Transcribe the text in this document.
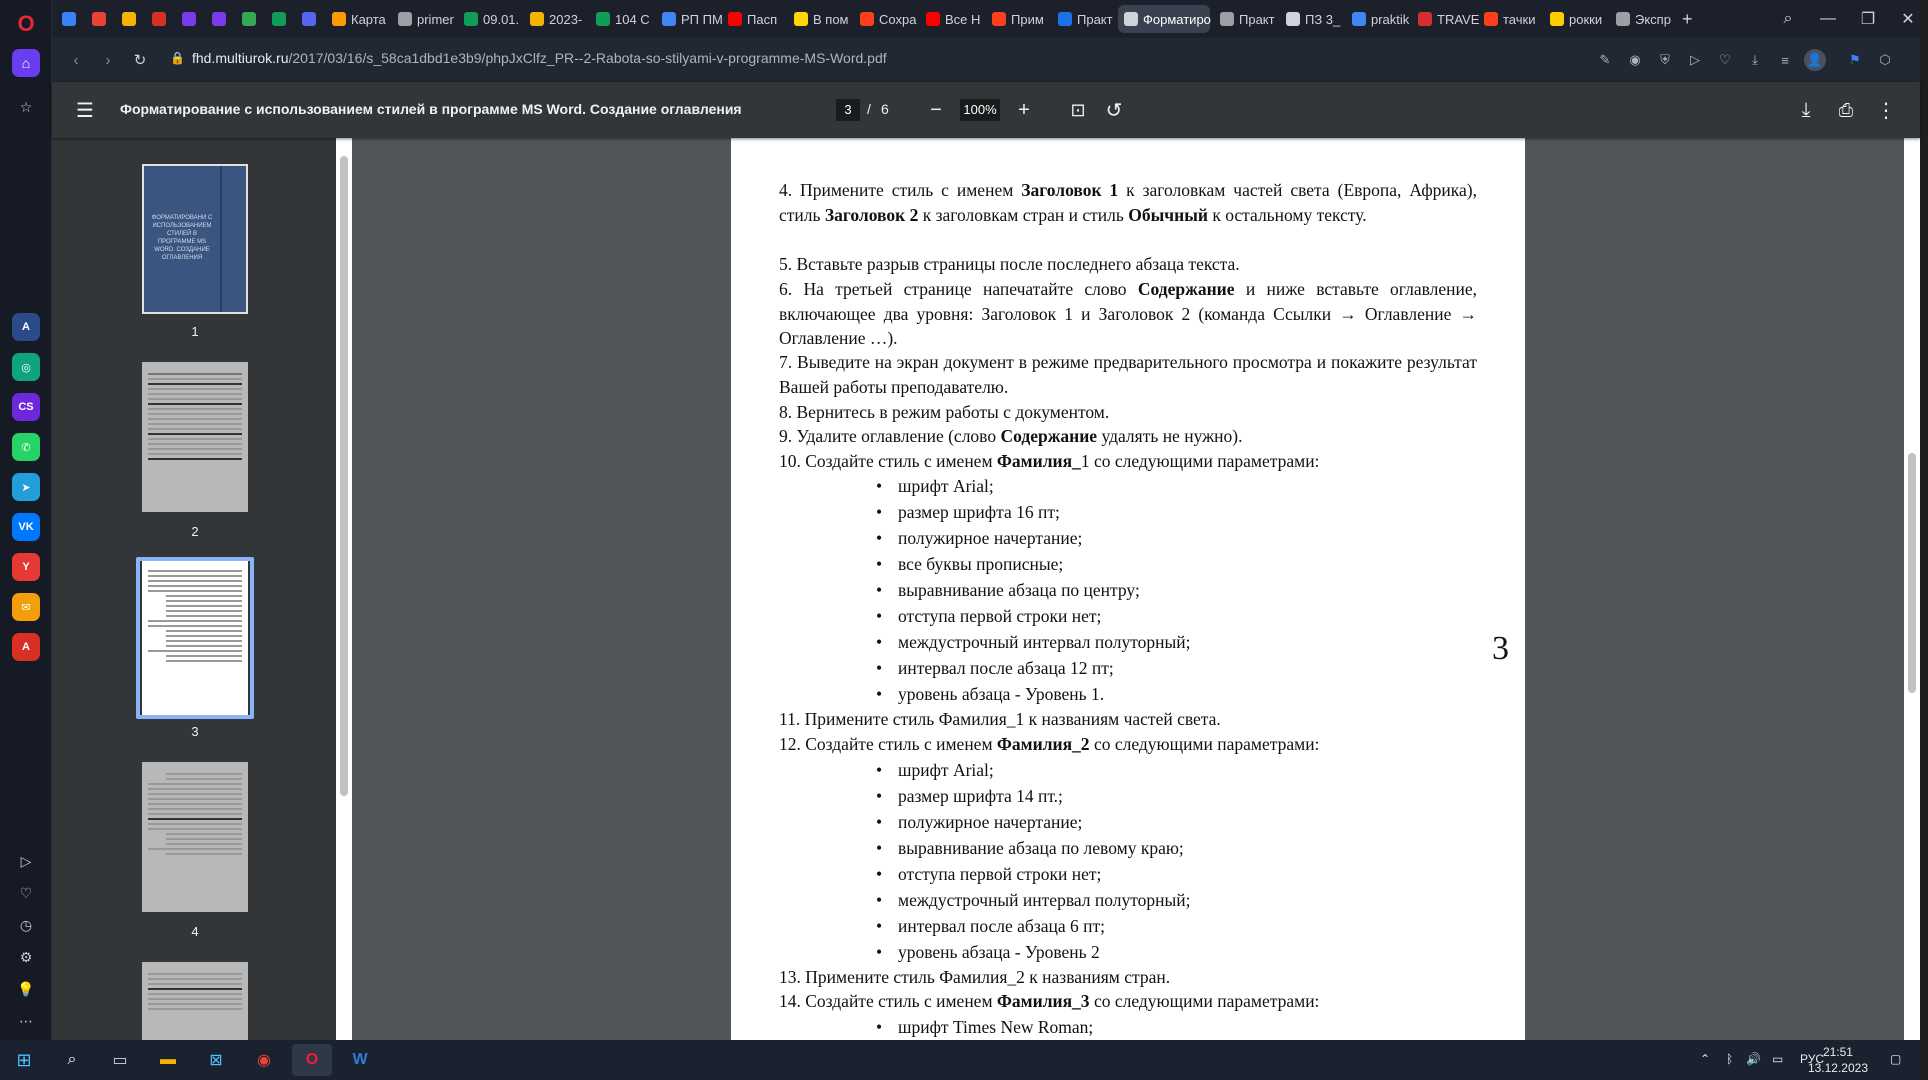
O
⌂
☆
A
◎
CS
✆
➤
VK
Y
✉
A
▷
♡
◷
⚙
💡
⋯
⌕	—	❐	✕
Карта primer 09.01. 2023-	104 C РП ПМ Пасп	В пом Сохра Все Н Прим	Практ Форматиро Практ ПЗ 3_ praktik TRAVE тачки	рокки	Экспр +
‹	›	↻	🔒 fhd.multiurok.ru/2017/03/16/s_58ca1dbd1e3b9/phpJxClfz_PR--2-Rabota-so-stilyami-v-programme-MS-Word.pdf	✎	◉	⛨	▷	♡	⤓	≡	👤	⚑	⬡
☰ Форматирование с использованием стилей в программе MS Word. Создание оглавления	3	/ 6	−	100%	+	⊡	↺	⤓	⎙	⋮
ФОРМАТИРОВАНИ С ИСПОЛЬЗОВАНИЕМ СТИЛЕЙ В ПРОГРАММЕ MS WORD. СОЗДАНИЕ ОГЛАВЛЕНИЯ
1
2
3
4
4. Примените стиль с именем Заголовок 1 к заголовкам частей света (Европа, Африка), стиль Заголовок 2 к заголовкам стран и стиль Обычный к остальному тексту.
5. Вставьте разрыв страницы после последнего абзаца текста.
6. На третьей странице напечатайте слово Содержание и ниже вставьте оглавление, включающее два уровня: Заголовок 1 и Заголовок 2 (команда Ссылки → Оглавление → Оглавление …).
7. Выведите на экран документ в режиме предварительного просмотра и покажите результат Вашей работы преподавателю.
8. Вернитесь в режим работы с документом.
9. Удалите оглавление (слово Содержание удалять не нужно).
10. Создайте стиль с именем Фамилия_1 со следующими параметрами:
• шрифт Arial;
• размер шрифта 16 пт;
• полужирное начертание;
• все буквы прописные;
• выравнивание абзаца по центру;
• отступа первой строки нет;
• междустрочный интервал полуторный;
• интервал после абзаца 12 пт;
• уровень абзаца - Уровень 1.
11. Примените стиль Фамилия_1 к названиям частей света.
12. Создайте стиль с именем Фамилия_2 со следующими параметрами:
• шрифт Arial;
• размер шрифта 14 пт.;
• полужирное начертание;
• выравнивание абзаца по левому краю;
• отступа первой строки нет;
• междустрочный интервал полуторный;
• интервал после абзаца 6 пт;
• уровень абзаца - Уровень 2
13. Примените стиль Фамилия_2 к названиям стран.
14. Создайте стиль с именем Фамилия_3 со следующими параметрами:
• шрифт Times New Roman;
3
⊞	⌕	▭	▬	⊠	◉	O	W	⌃ ᛒ 🔊 ▭ РУС
21:51
13.12.2023
▢
